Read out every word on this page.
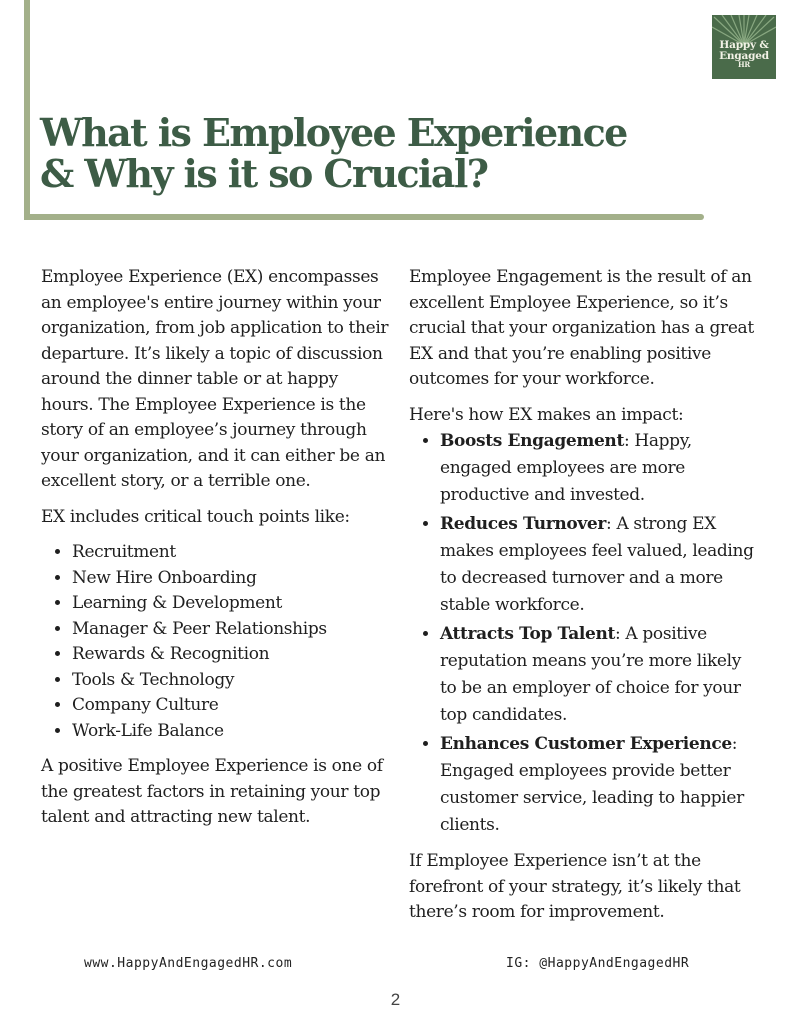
Happy &
Engaged
HR
What is Employee Experience
& Why is it so Crucial?

Employee Experience (EX) encompasses an employee's entire journey within your organization, from job application to their departure. It’s likely a topic of discussion around the dinner table or at happy hours. The Employee Experience is the story of an employee’s journey through your organization, and it can either be an excellent story, or a terrible one.

EX includes critical touch points like:

• Recruitment
• New Hire Onboarding
• Learning & Development
• Manager & Peer Relationships
• Rewards & Recognition
• Tools & Technology
• Company Culture
• Work-Life Balance

A positive Employee Experience is one of the greatest factors in retaining your top talent and attracting new talent.

Employee Engagement is the result of an excellent Employee Experience, so it’s crucial that your organization has a great EX and that you’re enabling positive outcomes for your workforce.

Here's how EX makes an impact:

• Boosts Engagement: Happy, engaged employees are more productive and invested.
• Reduces Turnover: A strong EX makes employees feel valued, leading to decreased turnover and a more stable workforce.
• Attracts Top Talent: A positive reputation means you’re more likely to be an employer of choice for your top candidates.
• Enhances Customer Experience: Engaged employees provide better customer service, leading to happier clients.

If Employee Experience isn’t at the forefront of your strategy, it’s likely that there’s room for improvement.

www.HappyAndEngagedHR.com	IG: @HappyAndEngagedHR
2
